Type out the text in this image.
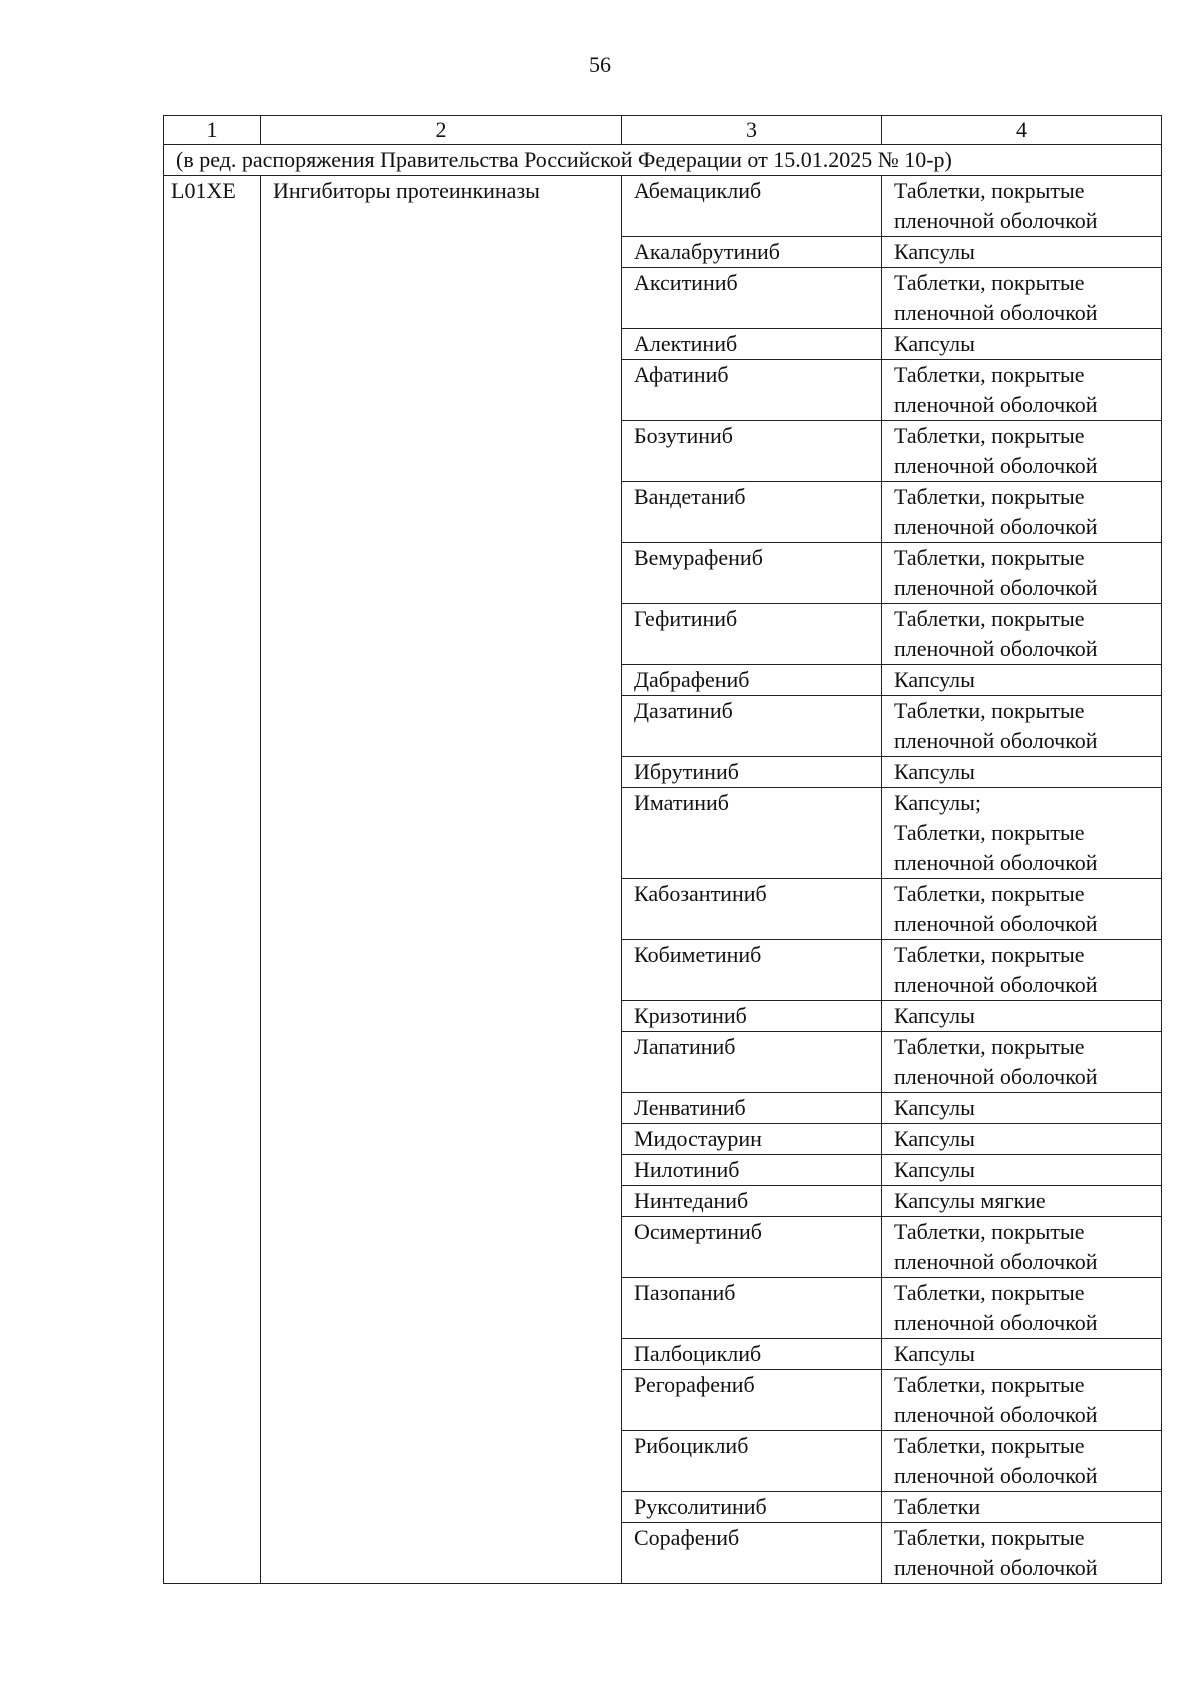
56
1	2	3	4
(в ред. распоряжения Правительства Российской Федерации от 15.01.2025 № 10-р)			
L01XE	Ингибиторы протеинкиназы	Абемациклиб	Таблетки, покрытые
пленочной оболочкой

		Акалабрутиниб	Капсулы

		Акситиниб	Таблетки, покрытые
пленочной оболочкой

		Алектиниб	Капсулы

		Афатиниб	Таблетки, покрытые
пленочной оболочкой

		Бозутиниб	Таблетки, покрытые
пленочной оболочкой

		Вандетаниб	Таблетки, покрытые
пленочной оболочкой

		Вемурафениб	Таблетки, покрытые
пленочной оболочкой

		Гефитиниб	Таблетки, покрытые
пленочной оболочкой

		Дабрафениб	Капсулы

		Дазатиниб	Таблетки, покрытые
пленочной оболочкой

		Ибрутиниб	Капсулы

		Иматиниб	Капсулы;
Таблетки, покрытые
пленочной оболочкой

		Кабозантиниб	Таблетки, покрытые
пленочной оболочкой

		Кобиметиниб	Таблетки, покрытые
пленочной оболочкой

		Кризотиниб	Капсулы

		Лапатиниб	Таблетки, покрытые
пленочной оболочкой

		Ленватиниб	Капсулы

		Мидостаурин	Капсулы

		Нилотиниб	Капсулы

		Нинтеданиб	Капсулы мягкие

		Осимертиниб	Таблетки, покрытые
пленочной оболочкой

		Пазопаниб	Таблетки, покрытые
пленочной оболочкой

		Палбоциклиб	Капсулы

		Регорафениб	Таблетки, покрытые
пленочной оболочкой

		Рибоциклиб	Таблетки, покрытые
пленочной оболочкой

		Руксолитиниб	Таблетки

		Сорафениб	Таблетки, покрытые
пленочной оболочкой
